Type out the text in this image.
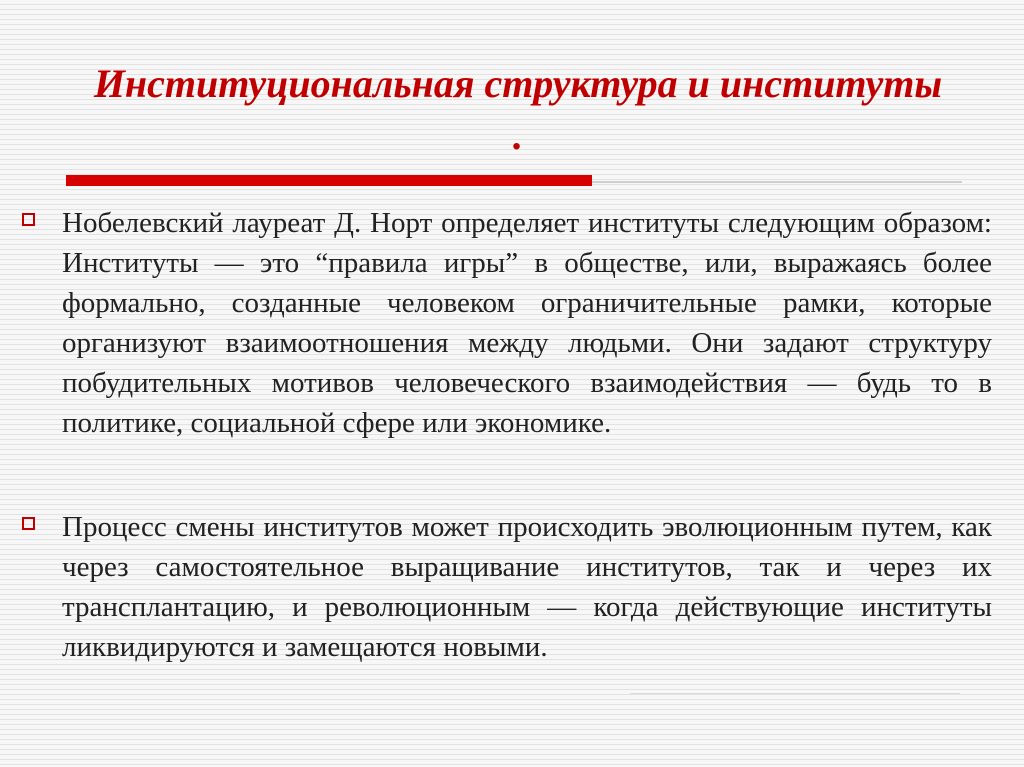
Институциональная структура и институты .
Нобелевский лауреат Д. Норт определяет институты следующим образом: Институты — это “правила игры” в обществе, или, выражаясь более формально, созданные человеком ограничительные рамки, которые организуют взаимоотношения между людьми. Они задают структуру побудительных мотивов человеческого взаимодействия — будь то в политике, социальной сфере или экономике.
Процесс смены институтов может происходить эволюционным путем, как через самостоятельное выращивание институтов, так и через их трансплантацию, и революционным — когда действующие институты ликвидируются и замещаются новыми.
